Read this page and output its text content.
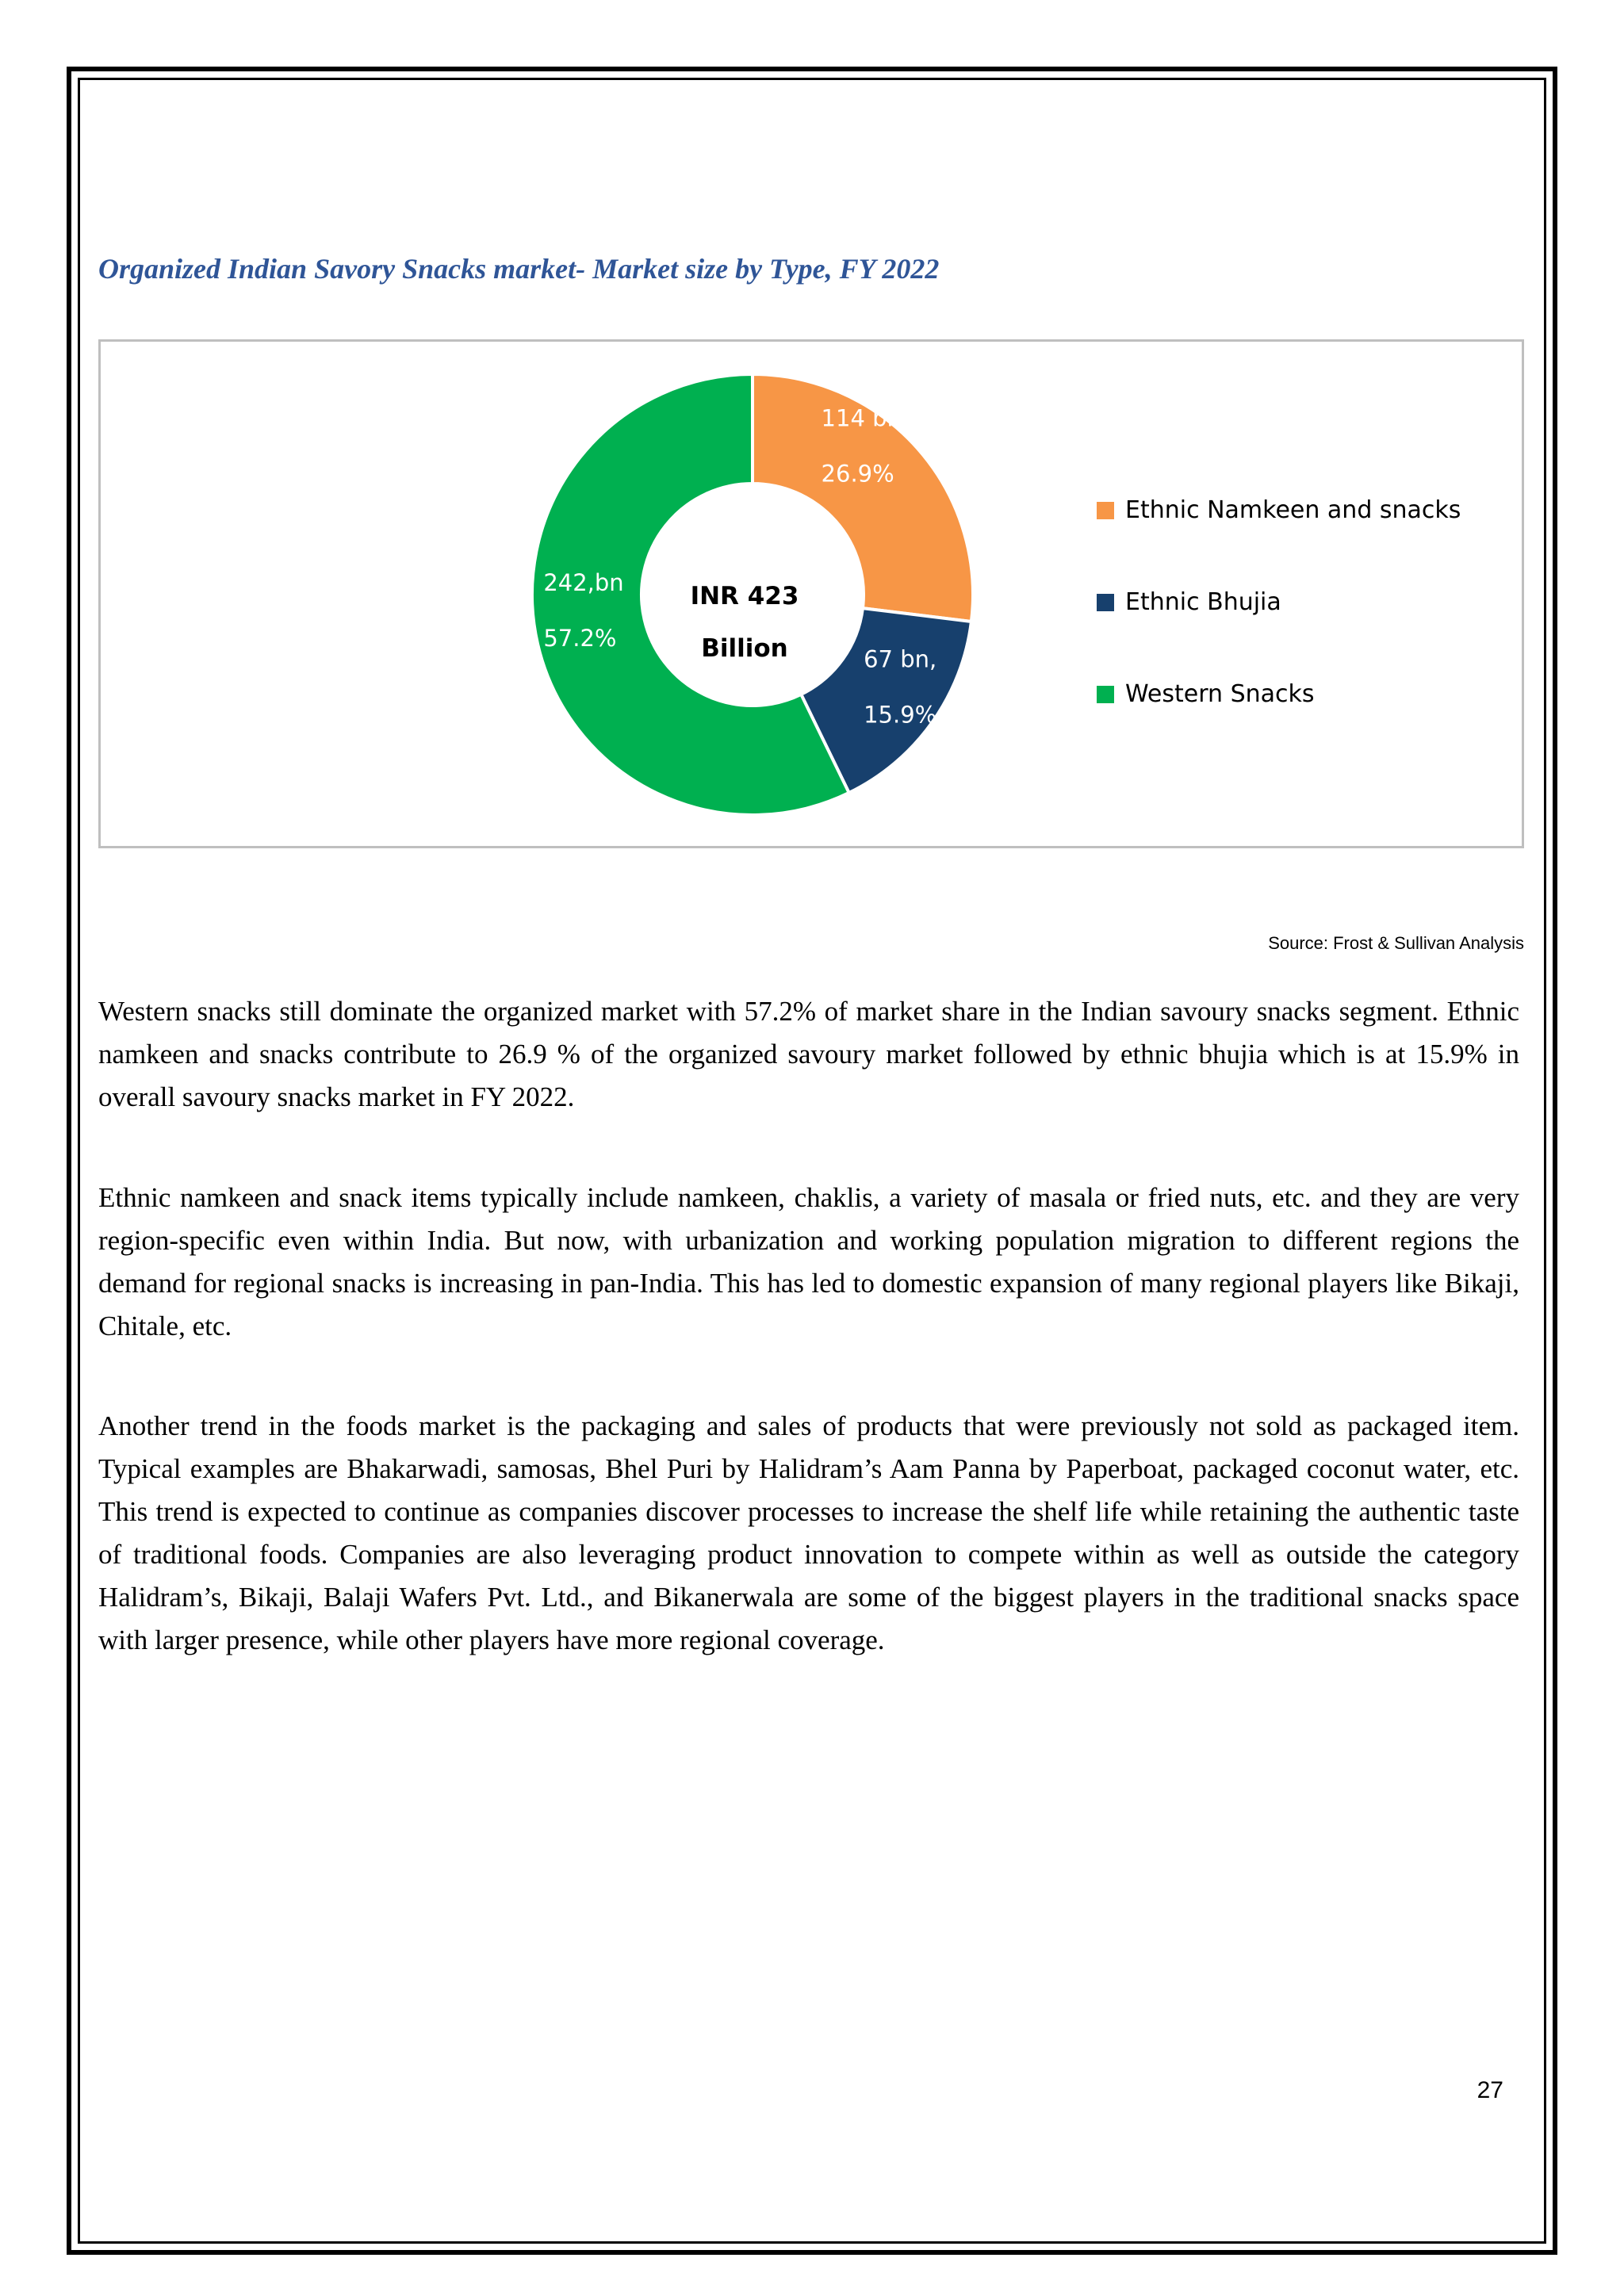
Organized Indian Savory Snacks market- Market size by Type, FY 2022
INR 423
Billion
114 bn,
26.9%
67 bn,
15.9%
242,bn
57.2%
Ethnic Namkeen and snacks
Ethnic Bhujia
Western Snacks
Source: Frost & Sullivan Analysis

Western snacks still dominate the organized market with 57.2% of market share in the Indian savoury snacks segment. Ethnic namkeen and snacks contribute to 26.9 % of the organized savoury market followed by ethnic bhujia which is at 15.9% in overall savoury snacks market in FY 2022.

Ethnic namkeen and snack items typically include namkeen, chaklis, a variety of masala or fried nuts, etc. and they are very region-specific even within India. But now, with urbanization and working population migration to different regions the demand for regional snacks is increasing in pan-India. This has led to domestic expansion of many regional players like Bikaji, Chitale, etc.

Another trend in the foods market is the packaging and sales of products that were previously not sold as packaged item. Typical examples are Bhakarwadi, samosas, Bhel Puri by Halidram’s Aam Panna by Paperboat, packaged coconut water, etc. This trend is expected to continue as companies discover processes to increase the shelf life while retaining the authentic taste of traditional foods. Companies are also leveraging product innovation to compete within as well as outside the category Halidram’s, Bikaji, Balaji Wafers Pvt. Ltd., and Bikanerwala are some of the biggest players in the traditional snacks space with larger presence, while other players have more regional coverage.

27
